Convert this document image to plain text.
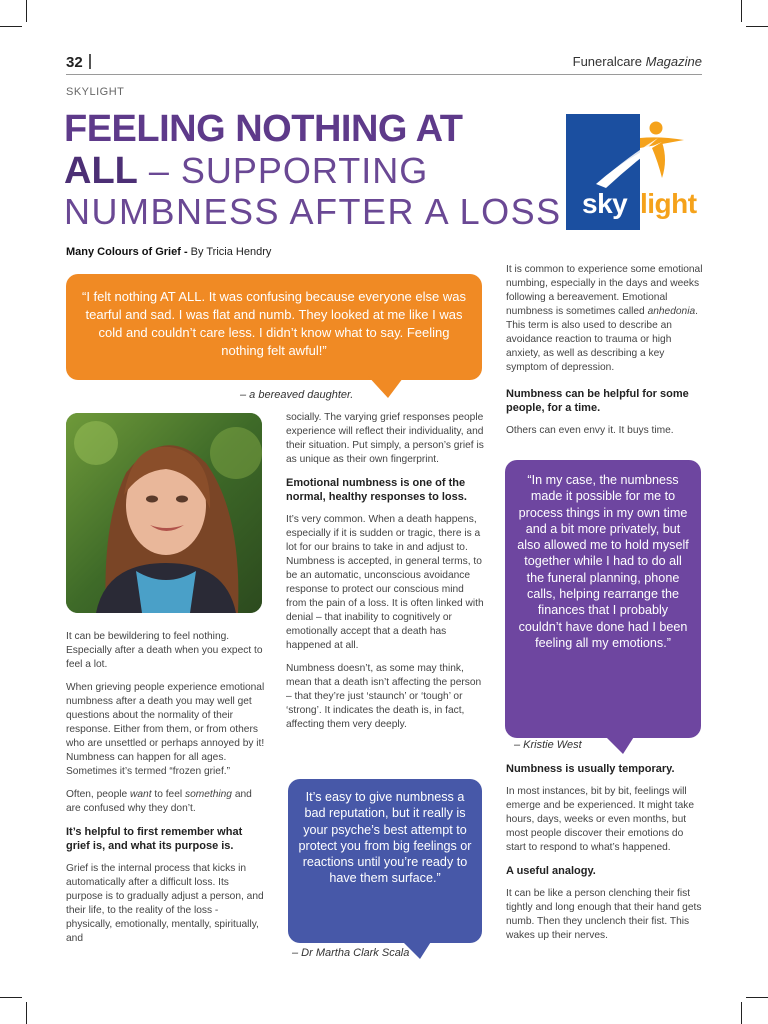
32	Funeralcare Magazine
SKYLIGHT
FEELING NOTHING AT
ALL – SUPPORTING
NUMBNESS AFTER A LOSS sky light
Many Colours of Grief - By Tricia Hendry
“I felt nothing AT ALL. It was confusing because everyone else was tearful and sad. I was flat and numb. They looked at me like I was cold and couldn’t care less. I didn’t know what to say. Feeling nothing felt awful!”
– a bereaved daughter.

It can be bewildering to feel nothing. Especially after a death when you expect to feel a lot.

When grieving people experience emotional numbness after a death you may well get questions about the normality of their response. Either from them, or from others who are unsettled or perhaps annoyed by it! Numbness can happen for all ages. Sometimes it’s termed “frozen grief.”

Often, people want to feel something and are confused why they don’t.

It’s helpful to first remember what grief is, and what its purpose is.

Grief is the internal process that kicks in automatically after a difficult loss. Its purpose is to gradually adjust a person, and their life, to the reality of the loss - physically, emotionally, mentally, spiritually, and

socially. The varying grief responses people experience will reflect their individuality, and their situation. Put simply, a person’s grief is as unique as their own fingerprint.

Emotional numbness is one of the normal, healthy responses to loss.

It’s very common. When a death happens, especially if it is sudden or tragic, there is a lot for our brains to take in and adjust to. Numbness is accepted, in general terms, to be an automatic, unconscious avoidance response to protect our conscious mind from the pain of a loss. It is often linked with denial – that inability to cognitively or emotionally accept that a death has happened at all.

Numbness doesn’t, as some may think, mean that a death isn’t affecting the person – that they’re just ‘staunch’ or ‘tough’ or ‘strong’. It indicates the death is, in fact, affecting them very deeply.

It’s easy to give numbness a bad reputation, but it really is your psyche’s best attempt to protect you from big feelings or reactions until you’re ready to have them surface.”
– Dr Martha Clark Scala

It is common to experience some emotional numbing, especially in the days and weeks following a bereavement. Emotional numbness is sometimes called anhedonia. This term is also used to describe an avoidance reaction to trauma or high anxiety, as well as describing a key symptom of depression.

Numbness can be helpful for some people, for a time.

Others can even envy it. It buys time.

“In my case, the numbness made it possible for me to process things in my own time and a bit more privately, but also allowed me to hold myself together while I had to do all the funeral planning, phone calls, helping rearrange the finances that I probably couldn’t have done had I been feeling all my emotions.”
– Kristie West
Numbness is usually temporary.

In most instances, bit by bit, feelings will emerge and be experienced. It might take hours, days, weeks or even months, but most people discover their emotions do start to respond to what’s happened.

A useful analogy.

It can be like a person clenching their fist tightly and long enough that their hand gets numb. Then they unclench their fist. This wakes up their nerves.
